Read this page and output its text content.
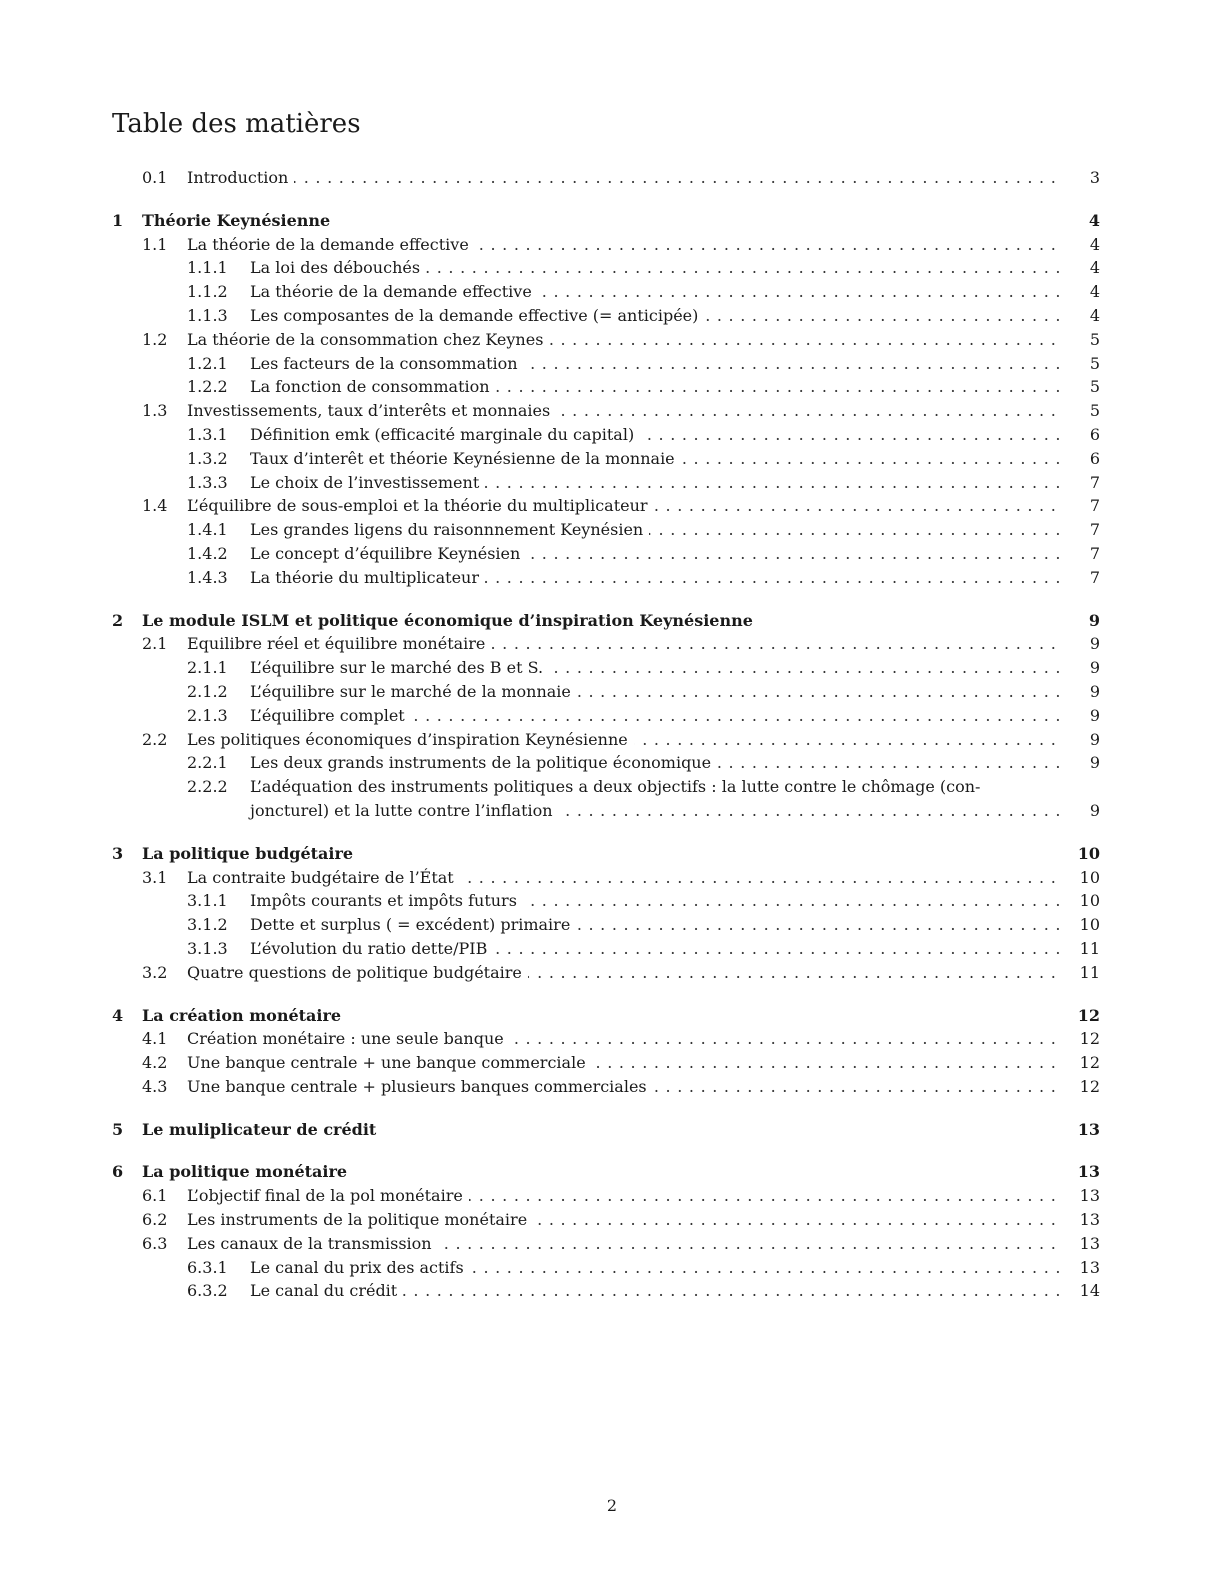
Table des matières
0.1 . . . Introduction	3
1 Théorie Keynésienne	4
1.1 . . . La théorie de la demande effective	4
1.1.1 . . . La loi des débouchés	4
1.1.2 . . . La théorie de la demande effective	4
1.1.3 . . . Les composantes de la demande effective (= anticipée)	4
1.2 . . . La théorie de la consommation chez Keynes	5
1.2.1 . . . Les facteurs de la consommation	5
1.2.2 . . . La fonction de consommation	5
1.3 . . . Investissements, taux d’interêts et monnaies	5
1.3.1 . . . Définition emk (efficacité marginale du capital)	6
1.3.2 . . . Taux d’interêt et théorie Keynésienne de la monnaie	6
1.3.3 . . . Le choix de l’investissement	7
1.4 . . . L’équilibre de sous-emploi et la théorie du multiplicateur	7
1.4.1 . . . Les grandes ligens du raisonnnement Keynésien	7
1.4.2 . . . Le concept d’équilibre Keynésien	7
1.4.3 . . . La théorie du multiplicateur	7
2 Le module ISLM et politique économique d’inspiration Keynésienne	9
2.1 . . . Equilibre réel et équilibre monétaire	9
2.1.1 . . . L’équilibre sur le marché des B et S.	9
2.1.2 . . . L’équilibre sur le marché de la monnaie	9
2.1.3 . . . L’équilibre complet	9
2.2 . . . Les politiques économiques d’inspiration Keynésienne	9
2.2.1 . . . Les deux grands instruments de la politique économique	9
2.2.2 L’adéquation des instruments politiques a deux objectifs : la lutte contre le chômage (con-
. . .
joncturel) et la lutte contre l’inflation	9
3 La politique budgétaire	10
3.1 . . . La contraite budgétaire de l’État	10
3.1.1 . . . Impôts courants et impôts futurs	10
3.1.2 . . . Dette et surplus ( = excédent) primaire	10
3.1.3 . . . L’évolution du ratio dette/PIB	11
3.2 . . . Quatre questions de politique budgétaire	11
4 La création monétaire	12
4.1 . . . Création monétaire : une seule banque	12
4.2 . . . Une banque centrale + une banque commerciale	12
4.3 . . . Une banque centrale + plusieurs banques commerciales	12
5 Le muliplicateur de crédit	13
6 La politique monétaire	13
6.1 . . . L’objectif final de la pol monétaire	13
6.2 . . . Les instruments de la politique monétaire	13
6.3 . . . Les canaux de la transmission	13
6.3.1 . . . Le canal du prix des actifs	13
6.3.2 . . . Le canal du crédit	14
2
